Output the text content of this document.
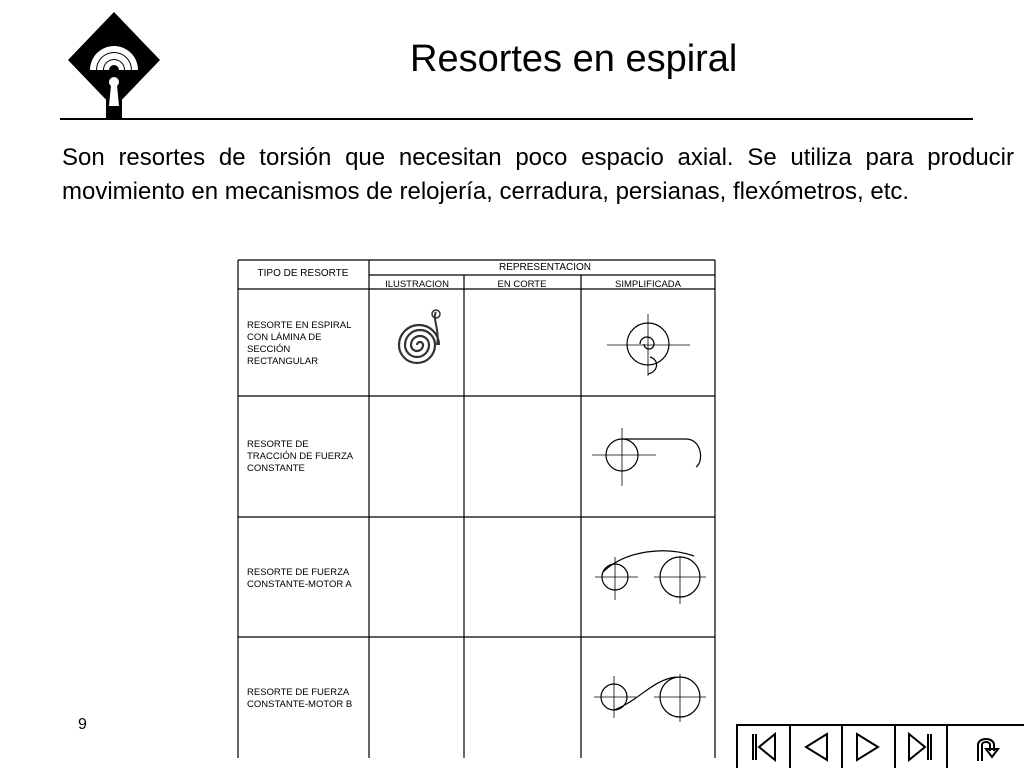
Resortes en espiral
Son resortes de torsión que necesitan poco espacio axial. Se utiliza para producir movimiento en mecanismos de relojería, cerradura, persianas, flexómetros, etc.
TIPO DE RESORTE
REPRESENTACION
ILUSTRACION	EN CORTE	SIMPLIFICADA
RESORTE EN ESPIRAL
CON LÁMINA DE
SECCIÓN
RECTANGULAR
RESORTE DE
TRACCIÓN DE FUERZA
CONSTANTE
RESORTE DE FUERZA
CONSTANTE-MOTOR A
RESORTE DE FUERZA
CONSTANTE-MOTOR B
9
